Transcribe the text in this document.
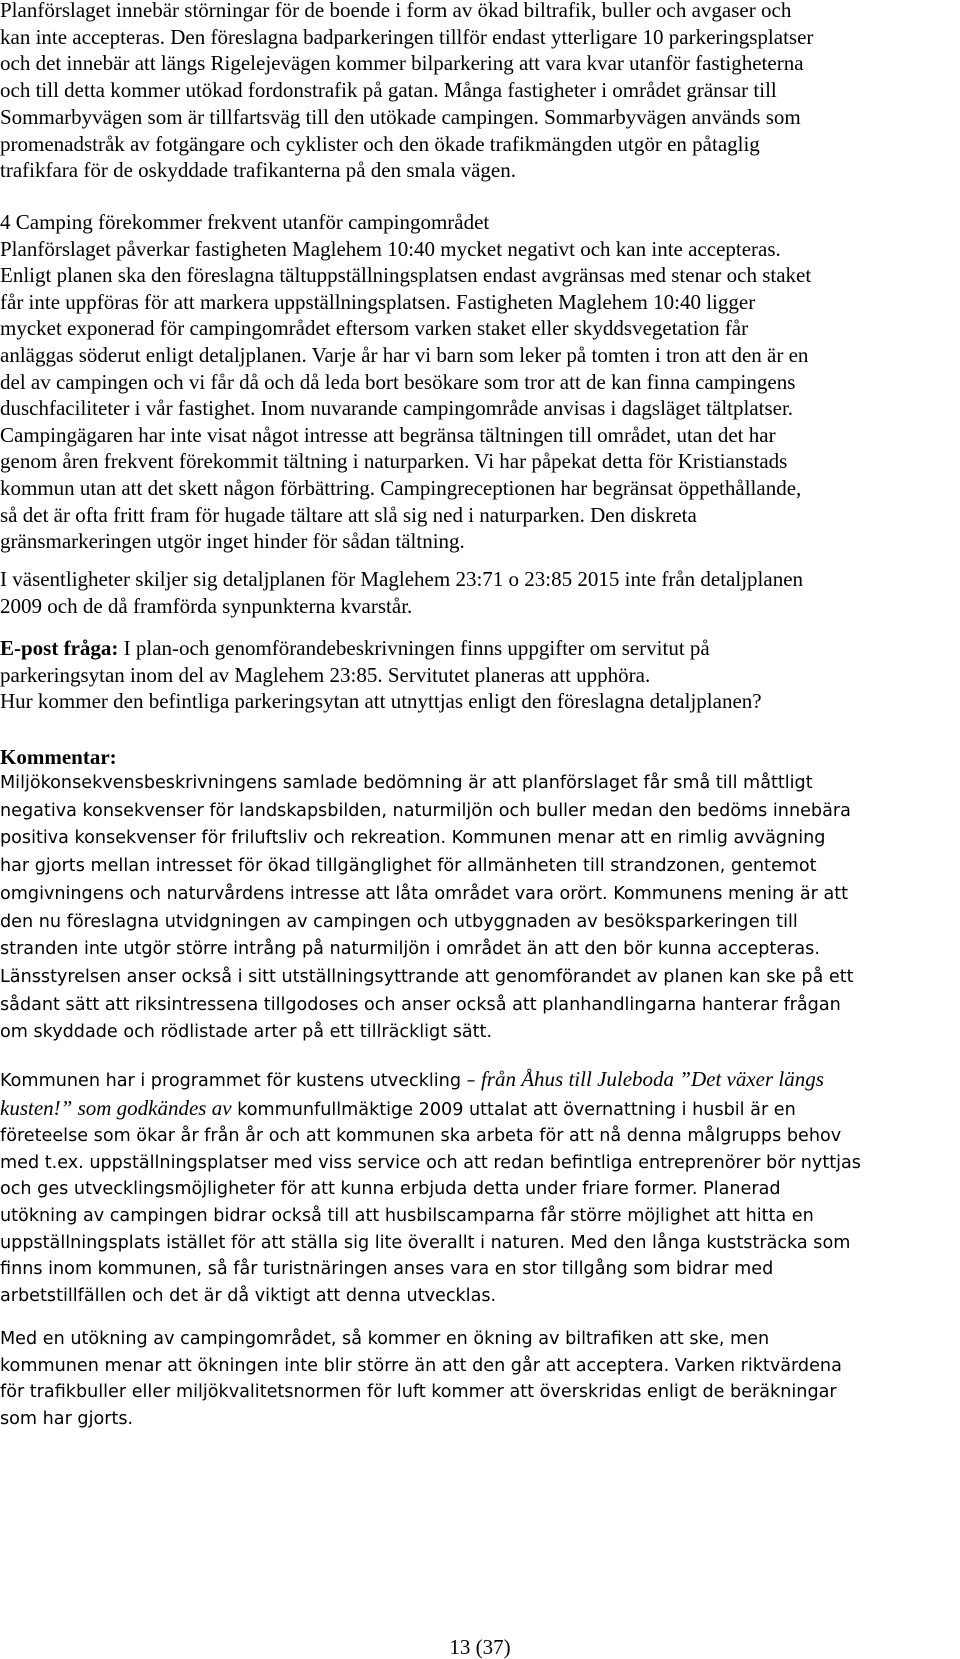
Planförslaget innebär störningar för de boende i form av ökad biltrafik, buller och avgaser och

kan inte accepteras. Den föreslagna badparkeringen tillför endast ytterligare 10 parkeringsplatser

och det innebär att längs Rigelejevägen kommer bilparkering att vara kvar utanför fastigheterna

och till detta kommer utökad fordonstrafik på gatan. Många fastigheter i området gränsar till

Sommarbyvägen som är tillfartsväg till den utökade campingen. Sommarbyvägen används som

promenadstråk av fotgängare och cyklister och den ökade trafikmängden utgör en påtaglig

trafikfara för de oskyddade trafikanterna på den smala vägen.

4 Camping förekommer frekvent utanför campingområdet

Planförslaget påverkar fastigheten Maglehem 10:40 mycket negativt och kan inte accepteras.

Enligt planen ska den föreslagna tältuppställningsplatsen endast avgränsas med stenar och staket

får inte uppföras för att markera uppställningsplatsen. Fastigheten Maglehem 10:40 ligger

mycket exponerad för campingområdet eftersom varken staket eller skyddsvegetation får

anläggas söderut enligt detaljplanen. Varje år har vi barn som leker på tomten i tron att den är en

del av campingen och vi får då och då leda bort besökare som tror att de kan finna campingens

duschfaciliteter i vår fastighet. Inom nuvarande campingområde anvisas i dagsläget tältplatser.

Campingägaren har inte visat något intresse att begränsa tältningen till området, utan det har

genom åren frekvent förekommit tältning i naturparken. Vi har påpekat detta för Kristianstads

kommun utan att det skett någon förbättring. Campingreceptionen har begränsat öppethållande,

så det är ofta fritt fram för hugade tältare att slå sig ned i naturparken. Den diskreta

gränsmarkeringen utgör inget hinder för sådan tältning.

I väsentligheter skiljer sig detaljplanen för Maglehem 23:71 o 23:85 2015 inte från detaljplanen

2009 och de då framförda synpunkterna kvarstår.

E-post fråga: I plan-och genomförandebeskrivningen finns uppgifter om servitut på

parkeringsytan inom del av Maglehem 23:85. Servitutet planeras att upphöra.

Hur kommer den befintliga parkeringsytan att utnyttjas enligt den föreslagna detaljplanen?

Kommentar:

Miljökonsekvensbeskrivningens samlade bedömning är att planförslaget får små till måttligt

negativa konsekvenser för landskapsbilden, naturmiljön och buller medan den bedöms innebära

positiva konsekvenser för friluftsliv och rekreation. Kommunen menar att en rimlig avvägning

har gjorts mellan intresset för ökad tillgänglighet för allmänheten till strandzonen, gentemot

omgivningens och naturvårdens intresse att låta området vara orört. Kommunens mening är att

den nu föreslagna utvidgningen av campingen och utbyggnaden av besöksparkeringen till

stranden inte utgör större intrång på naturmiljön i området än att den bör kunna accepteras.

Länsstyrelsen anser också i sitt utställningsyttrande att genomförandet av planen kan ske på ett

sådant sätt att riksintressena tillgodoses och anser också att planhandlingarna hanterar frågan

om skyddade och rödlistade arter på ett tillräckligt sätt.

Kommunen har i programmet för kustens utveckling – från Åhus till Juleboda ”Det växer längs

kusten!” som godkändes av kommunfullmäktige 2009 uttalat att övernattning i husbil är en

företeelse som ökar år från år och att kommunen ska arbeta för att nå denna målgrupps behov

med t.ex. uppställningsplatser med viss service och att redan befintliga entreprenörer bör nyttjas

och ges utvecklingsmöjligheter för att kunna erbjuda detta under friare former. Planerad

utökning av campingen bidrar också till att husbilscamparna får större möjlighet att hitta en

uppställningsplats istället för att ställa sig lite överallt i naturen. Med den långa kuststräcka som

finns inom kommunen, så får turistnäringen anses vara en stor tillgång som bidrar med

arbetstillfällen och det är då viktigt att denna utvecklas.

Med en utökning av campingområdet, så kommer en ökning av biltrafiken att ske, men

kommunen menar att ökningen inte blir större än att den går att acceptera. Varken riktvärdena

för trafikbuller eller miljökvalitetsnormen för luft kommer att överskridas enligt de beräkningar

som har gjorts.

13 (37)
